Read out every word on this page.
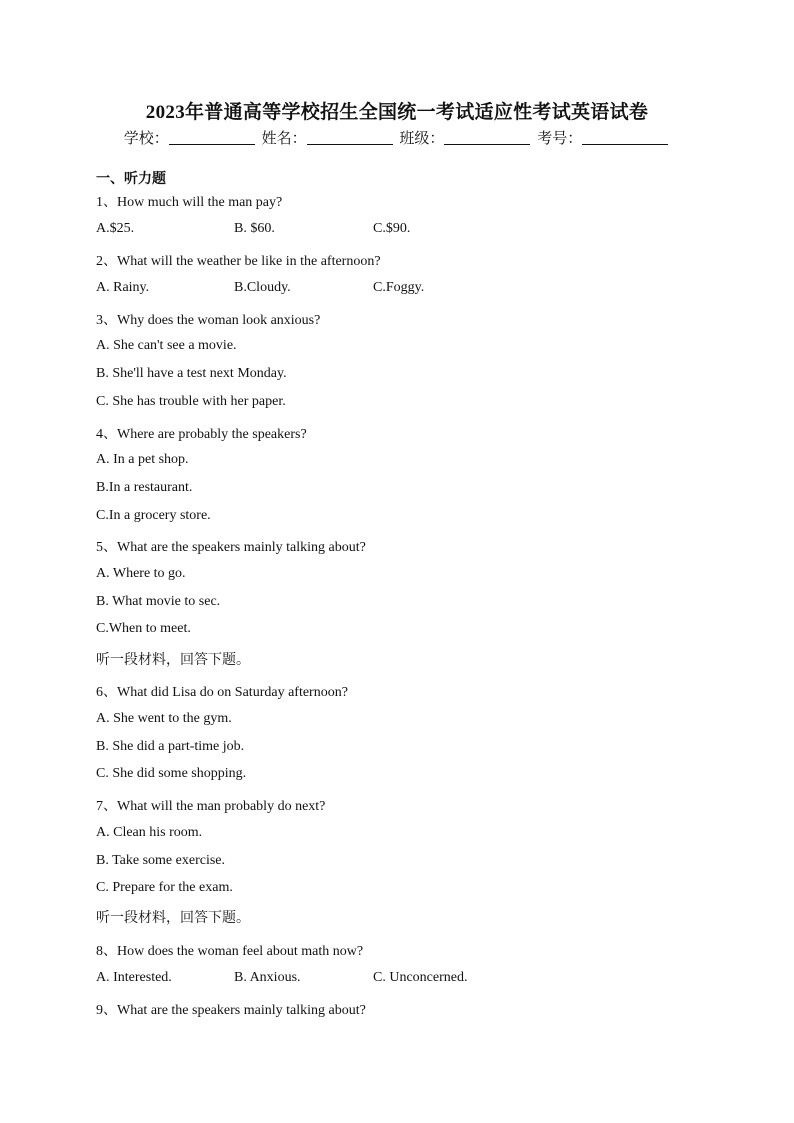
2023年普通高等学校招生全国统一考试适应性考试英语试卷
学校：	姓名：	班级：	考号：
一、听力题
1、How much will the man pay?
A.$25.	B. $60.	C.$90.
2、What will the weather be like in the afternoon?
A. Rainy.	B.Cloudy.	C.Foggy.
3、Why does the woman look anxious?
A. She can't see a movie.
B. She'll have a test next Monday.
C. She has trouble with her paper.
4、Where are probably the speakers?
A. In a pet shop.
B.In a restaurant.
C.In a grocery store.
5、What are the speakers mainly talking about?
A. Where to go.
B. What movie to sec.
C.When to meet.
听一段材料，回答下题。
6、What did Lisa do on Saturday afternoon?
A. She went to the gym.
B. She did a part-time job.
C. She did some shopping.
7、What will the man probably do next?
A. Clean his room.
B. Take some exercise.
C. Prepare for the exam.
听一段材料，回答下题。
8、How does the woman feel about math now?
A. Interested.	B. Anxious.	C. Unconcerned.
9、What are the speakers mainly talking about?
